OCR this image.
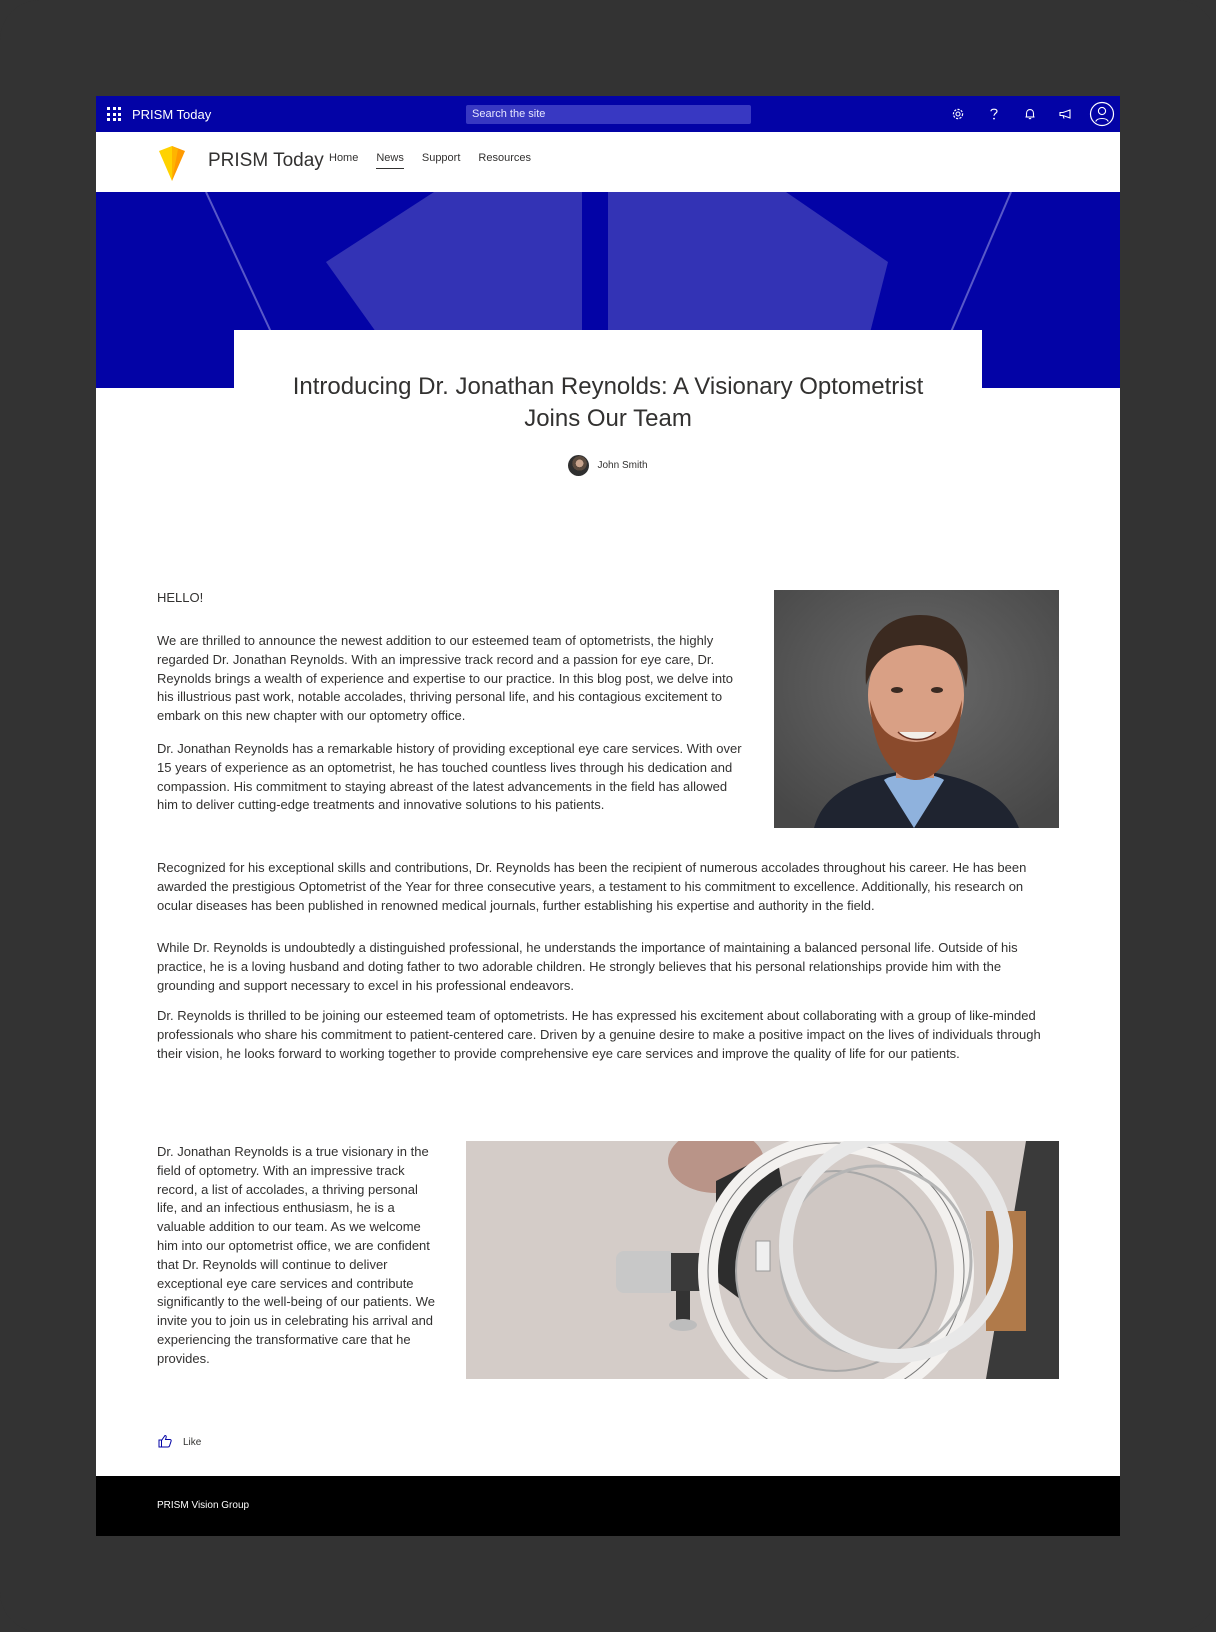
PRISM Today
Search the site
PRISM Today Home News Support Resources
Introducing Dr. Jonathan Reynolds: A Visionary Optometrist Joins Our Team
John Smith

HELLO!

We are thrilled to announce the newest addition to our esteemed team of optometrists, the highly regarded Dr. Jonathan Reynolds. With an impressive track record and a passion for eye care, Dr. Reynolds brings a wealth of experience and expertise to our practice. In this blog post, we delve into his illustrious past work, notable accolades, thriving personal life, and his contagious excitement to embark on this new chapter with our optometry office.

Dr. Jonathan Reynolds has a remarkable history of providing exceptional eye care services. With over 15 years of experience as an optometrist, he has touched countless lives through his dedication and compassion. His commitment to staying abreast of the latest advancements in the field has allowed him to deliver cutting-edge treatments and innovative solutions to his patients.

Recognized for his exceptional skills and contributions, Dr. Reynolds has been the recipient of numerous accolades throughout his career. He has been awarded the prestigious Optometrist of the Year for three consecutive years, a testament to his commitment to excellence. Additionally, his research on ocular diseases has been published in renowned medical journals, further establishing his expertise and authority in the field.

While Dr. Reynolds is undoubtedly a distinguished professional, he understands the importance of maintaining a balanced personal life. Outside of his practice, he is a loving husband and doting father to two adorable children. He strongly believes that his personal relationships provide him with the grounding and support necessary to excel in his professional endeavors.

Dr. Reynolds is thrilled to be joining our esteemed team of optometrists. He has expressed his excitement about collaborating with a group of like-minded professionals who share his commitment to patient-centered care. Driven by a genuine desire to make a positive impact on the lives of individuals through their vision, he looks forward to working together to provide comprehensive eye care services and improve the quality of life for our patients.

Dr. Jonathan Reynolds is a true visionary in the field of optometry. With an impressive track record, a list of accolades, a thriving personal life, and an infectious enthusiasm, he is a valuable addition to our team. As we welcome him into our optometrist office, we are confident that Dr. Reynolds will continue to deliver exceptional eye care services and contribute significantly to the well-being of our patients. We invite you to join us in celebrating his arrival and experiencing the transformative care that he provides.

Like
PRISM Vision Group
